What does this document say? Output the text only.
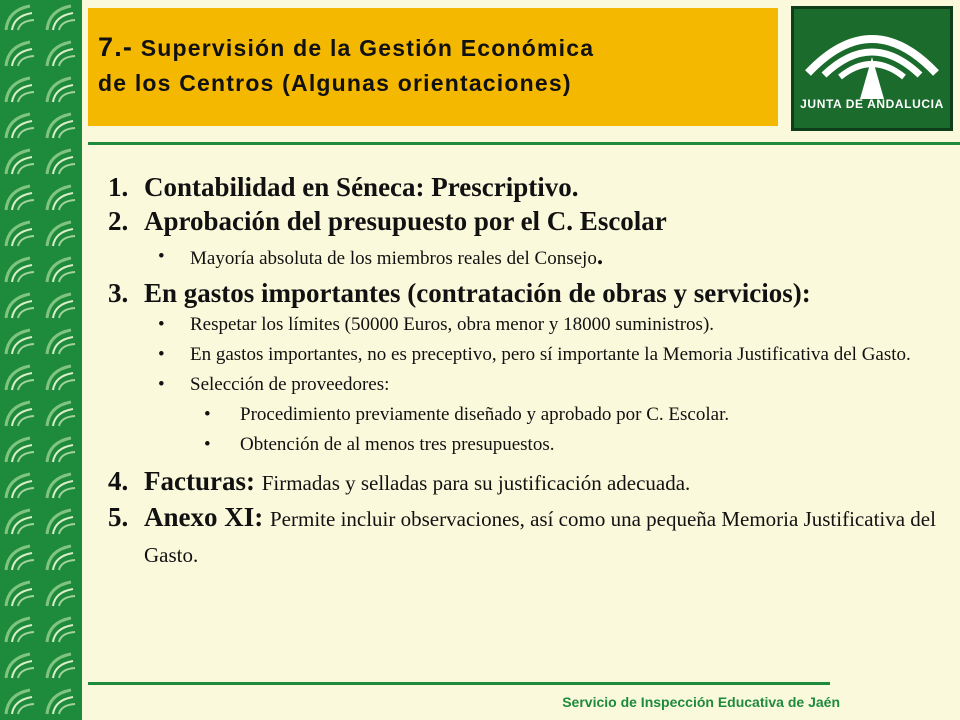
7.- Supervisión de la Gestión Económica
de los Centros (Algunas orientaciones)
JUNTA DE ANDALUCIA
1. Contabilidad en Séneca: Prescriptivo.
2. Aprobación del presupuesto por el C. Escolar
• Mayoría absoluta de los miembros reales del Consejo.
3. En gastos importantes (contratación de obras y servicios):
• Respetar los límites (50000 Euros, obra menor y 18000 suministros).
• En gastos importantes, no es preceptivo, pero sí importante la Memoria Justificativa del Gasto.
• Selección de proveedores:
• Procedimiento previamente diseñado y aprobado por C. Escolar.
• Obtención de al menos tres presupuestos.
4. Facturas: Firmadas y selladas para su justificación adecuada.
5. Anexo XI: Permite incluir observaciones, así como una pequeña Memoria Justificativa del Gasto.
Servicio de Inspección Educativa de Jaén
